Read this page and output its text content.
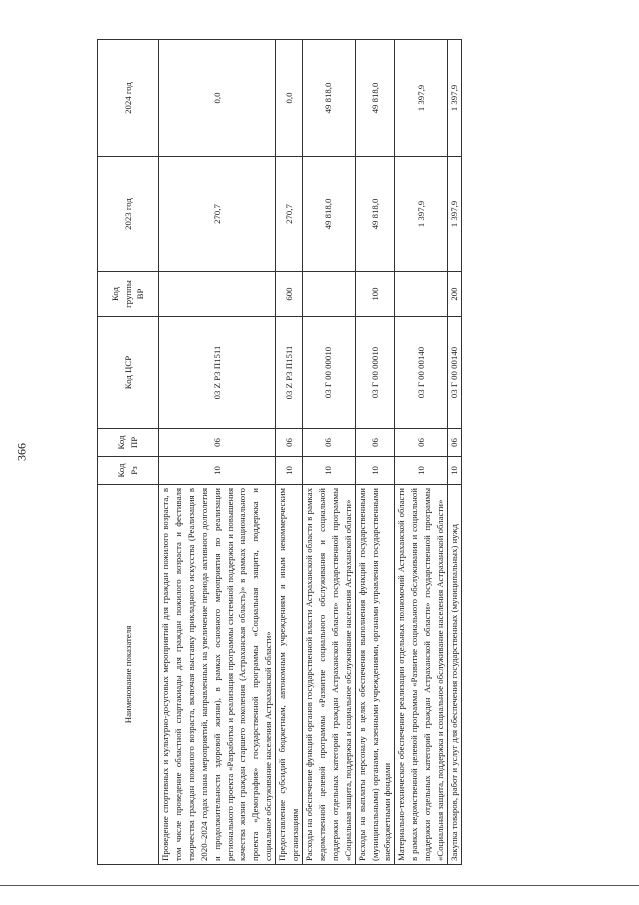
366
Наименование показателя	Код Рз	Код ПР	Код ЦСР	Код группы ВР	2023 год	2024 год
Проведение спортивных и культурно-досуговых мероприятий для граждан пожилого возраста, в том числе проведение областной спартакиады для граждан пожилого возраста и фестиваля творчества граждан пожилого возраста, включая выставку прикладного искусства (Реализация в 2020–2024 годах плана мероприятий, направленных на увеличение периода активного долголетия и продолжительности здоровой жизни), в рамках основного мероприятия по реализации регионального проекта «Разработка и реализация программы системной поддержки и повышения качества жизни граждан старшего поколения (Астраханская область)» в рамках национального проекта «Демография» государственной программы «Социальная защита, поддержка и социальное обслуживание населения Астраханской области»	10	06	03 Z P3 П1511		270,7	0,0
Предоставление субсидий бюджетным, автономным учреждениям и иным некоммерческим организациям	10	06	03 Z P3 П1511	600	270,7	0,0
Расходы на обеспечение функций органов государственной власти Астраханской области в рамках ведомственной целевой программы «Развитие социального обслуживания и социальной поддержки отдельных категорий граждан Астраханской области» государственной программы «Социальная защита, поддержка и социальное обслуживание населения Астраханской области»	10	06	03 Г 00 00010		49 818,0	49 818,0
Расходы на выплаты персоналу в целях обеспечения выполнения функций государственными (муниципальными) органами, казенными учреждениями, органами управления государственными внебюджетными фондами	10	06	03 Г 00 00010	100	49 818,0	49 818,0
Материально-техническое обеспечение реализации отдельных полномочий Астраханской области в рамках ведомственной целевой программы «Развитие социального обслуживания и социальной поддержки отдельных категорий граждан Астраханской области» государственной программы «Социальная защита, поддержка и социальное обслуживание населения Астраханской области»	10	06	03 Г 00 00140		1 397,9	1 397,9
Закупка товаров, работ и услуг для обеспечения государственных (муниципальных) нужд	10	06	03 Г 00 00140	200	1 397,9	1 397,9
